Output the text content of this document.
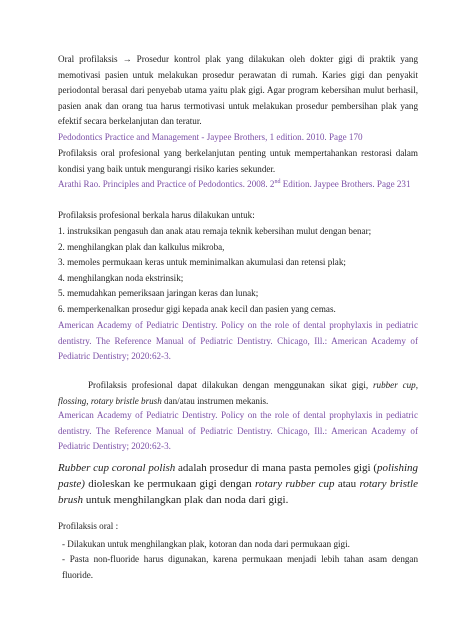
Oral profilaksis → Prosedur kontrol plak yang dilakukan oleh dokter gigi di praktik yang memotivasi pasien untuk melakukan prosedur perawatan di rumah. Karies gigi dan penyakit periodontal berasal dari penyebab utama yaitu plak gigi. Agar program kebersihan mulut berhasil, pasien anak dan orang tua harus termotivasi untuk melakukan prosedur pembersihan plak yang efektif secara berkelanjutan dan teratur.

Pedodontics Practice and Management - Jaypee Brothers, 1 edition. 2010. Page 170

Profilaksis oral profesional yang berkelanjutan penting untuk mempertahankan restorasi dalam kondisi yang baik untuk mengurangi risiko karies sekunder.

Arathi Rao. Principles and Practice of Pedodontics. 2008. 2nd Edition. Jaypee Brothers. Page 231

Profilaksis profesional berkala harus dilakukan untuk:

1. instruksikan pengasuh dan anak atau remaja teknik kebersihan mulut dengan benar;

2. menghilangkan plak dan kalkulus mikroba,

3. memoles permukaan keras untuk meminimalkan akumulasi dan retensi plak;

4. menghilangkan noda ekstrinsik;

5. memudahkan pemeriksaan jaringan keras dan lunak;

6. memperkenalkan prosedur gigi kepada anak kecil dan pasien yang cemas.

American Academy of Pediatric Dentistry. Policy on the role of dental prophylaxis in pediatric dentistry. The Reference Manual of Pediatric Dentistry. Chicago, Ill.: American Academy of Pediatric Dentistry; 2020:62-3.

Profilaksis profesional dapat dilakukan dengan menggunakan sikat gigi, rubber cup, flossing, rotary bristle brush dan/atau instrumen mekanis.

American Academy of Pediatric Dentistry. Policy on the role of dental prophylaxis in pediatric dentistry. The Reference Manual of Pediatric Dentistry. Chicago, Ill.: American Academy of Pediatric Dentistry; 2020:62-3.

Rubber cup coronal polish adalah prosedur di mana pasta pemoles gigi (polishing paste) dioleskan ke permukaan gigi dengan rotary rubber cup atau rotary bristle brush untuk menghilangkan plak dan noda dari gigi.

Profilaksis oral :

- Dilakukan untuk menghilangkan plak, kotoran dan noda dari permukaan gigi.

- Pasta non-fluoride harus digunakan, karena permukaan menjadi lebih tahan asam dengan fluoride.
